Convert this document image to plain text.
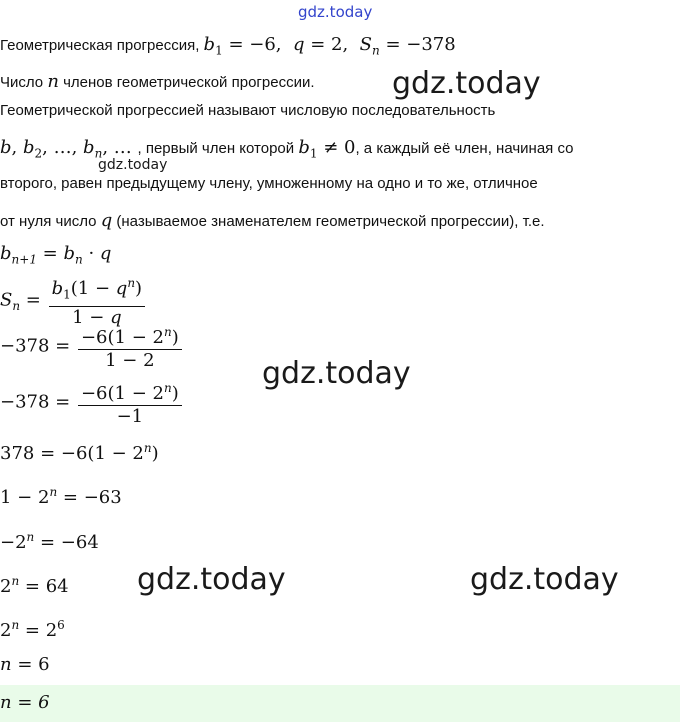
gdz.today
Геометрическая прогрессия, $b_1 = -6$,  q = 2,  $S_n = -378$
Число n членов геометрической прогрессии.	gdz.today
Геометрической прогрессией называют числовую последовательность
b, $b_2$, …, $b_n$, … , первый член которой $b_1 \ne 0$, а каждый её член, начиная со
gdz.today
второго, равен предыдущему члену, умноженному на одно и то же, отличное
от нуля число q (называемое знаменателем геометрической прогрессии), т.е.
$b_{n+1} = b_n \cdot q$
$S_n = \frac{b_1(1 - q^n)}{1 - q}$
$-378 = \frac{-6(1 - 2^n)}{1 - 2}$
gdz.today
$-378 = \frac{-6(1 - 2^n)}{-1}$
$378 = -6(1 - 2^n)$
$1 - 2^n = -63$
$-2^n = -64$
$2^n = 64$ gdz.today	gdz.today
$2^n = 2^6$
n = 6
n = 6
